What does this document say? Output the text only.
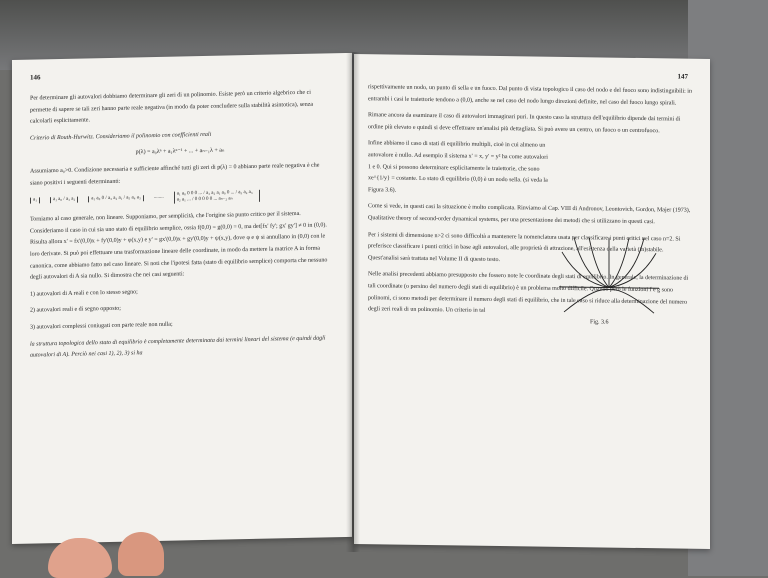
146

Per determinare gli autovalori dobbiamo determinare gli zeri di un polinomio. Esiste però un criterio algebrico che ci permette di sapere se tali zeri hanno parte reale negativa (in modo da poter concludere sulla stabilità asintotica), senza calcolarli esplicitamente.

Criterio di Routh-Hurwitz. Consideriamo il polinomio con coefficienti reali

p(λ) = a₀λⁿ + a₁λⁿ⁻¹ + ... + aₙ₋₁λ + aₙ

Assumiamo a₀>0. Condizione necessaria e sufficiente affinché tutti gli zeri di p(λ) = 0 abbiano parte reale negativa è che siano positivi i seguenti determinanti:

a₁	a₁ a₀ / a₃ a₂	a₁ a₀ 0 / a₃ a₂ a₁ / a₅ a₄ a₃	........
a₁ a₀ 0 0 0 ... / a₃ a₂ a₁ a₀ 0 ... / a₅ a₄ a₃ a₂ a₁ ... / 0 0 0 0 0 ... aₙ₋₂ aₙ

Torniamo al caso generale, non lineare. Supponiamo, per semplicità, che l'origine sia punto critico per il sistema. Consideriamo il caso in cui sia uno stato di equilibrio semplice, ossia f(0,0) = g(0,0) = 0, ma det[fx' fy'; gx' gy'] ≠ 0 in (0,0). Risulta allora x' = fx'(0,0)x + fy'(0,0)y + φ(x,y) e y' = gx'(0,0)x + gy'(0,0)y + ψ(x,y), dove φ e ψ si annullano in (0,0) con le loro derivate. Si può poi effettuare una trasformazione lineare delle coordinate, in modo da mettere la matrice A in forma canonica, come abbiamo fatto nel caso lineare. Si noti che l'ipotesi fatta (stato di equilibrio semplice) comporta che nessuno degli autovalori di A sia nullo. Si dimostra che nei casi seguenti:

1) autovalori di A reali e con lo stesso segno;

2) autovalori reali e di segno opposto;

3) autovalori complessi coniugati con parte reale non nulla;

la struttura topologica dello stato di equilibrio è completamente determinata dai termini lineari del sistema (e quindi dagli autovalori di A). Perciò nei casi 1), 2), 3) si ha

147

rispettivamente un nodo, un punto di sella e un fuoco. Dal punto di vista topologico il caso del nodo e del fuoco sono indistinguibili: in entrambi i casi le traiettorie tendono a (0,0), anche se nel caso del nodo lungo direzioni definite, nel caso del fuoco lungo spirali.

Rimane ancora da esaminare il caso di autovalori immaginari puri. In questo caso la struttura dell'equilibrio dipende dai termini di ordine più elevato e quindi si deve effettuare un'analisi più dettagliata. Si può avere un centro, un fuoco o un centrofuoco.

Infine abbiamo il caso di stati di equilibrio multipli, cioè in cui almeno un autovalore è nullo. Ad esempio il sistema x' = x, y' = y² ha come autovalori 1 e 0. Qui si possono determinare esplicitamente le traiettorie, che sono xe^{1/y} = costante. Lo stato di equilibrio (0,0) è un nodo sella. (si veda la Figura 3.6).

Come si vede, in questi casi la situazione è molto complicata. Rinviamo al Cap. VIII di Andronov, Leontovich, Gordon, Majer (1973), Qualitative theory of second-order dynamical systems, per una presentazione dei metodi che si utilizzano in questi casi.

Per i sistemi di dimensione n>2 ci sono difficoltà a mantenere la nomenclatura usata per classificare i punti critici nel caso n=2. Si preferisce classificare i punti critici in base agli autovalori, alle proprietà di attrazione, all'esistenza della varietà (in)stabile. Quest'analisi sarà trattata nel Volume II di questo testo.

Nelle analisi precedenti abbiamo presupposto che fossero note le coordinate degli stati di equilibrio. In generale, la determinazione di tali coordinate (o persino del numero degli stati di equilibrio) è un problema molto difficile. Quando però le funzioni f e g sono polinomi, ci sono metodi per determinare il numero degli stati di equilibrio, che in tale caso si riduce alla determinazione del numero degli zeri reali di un polinomio. Un criterio in tal

Fig. 3.6
